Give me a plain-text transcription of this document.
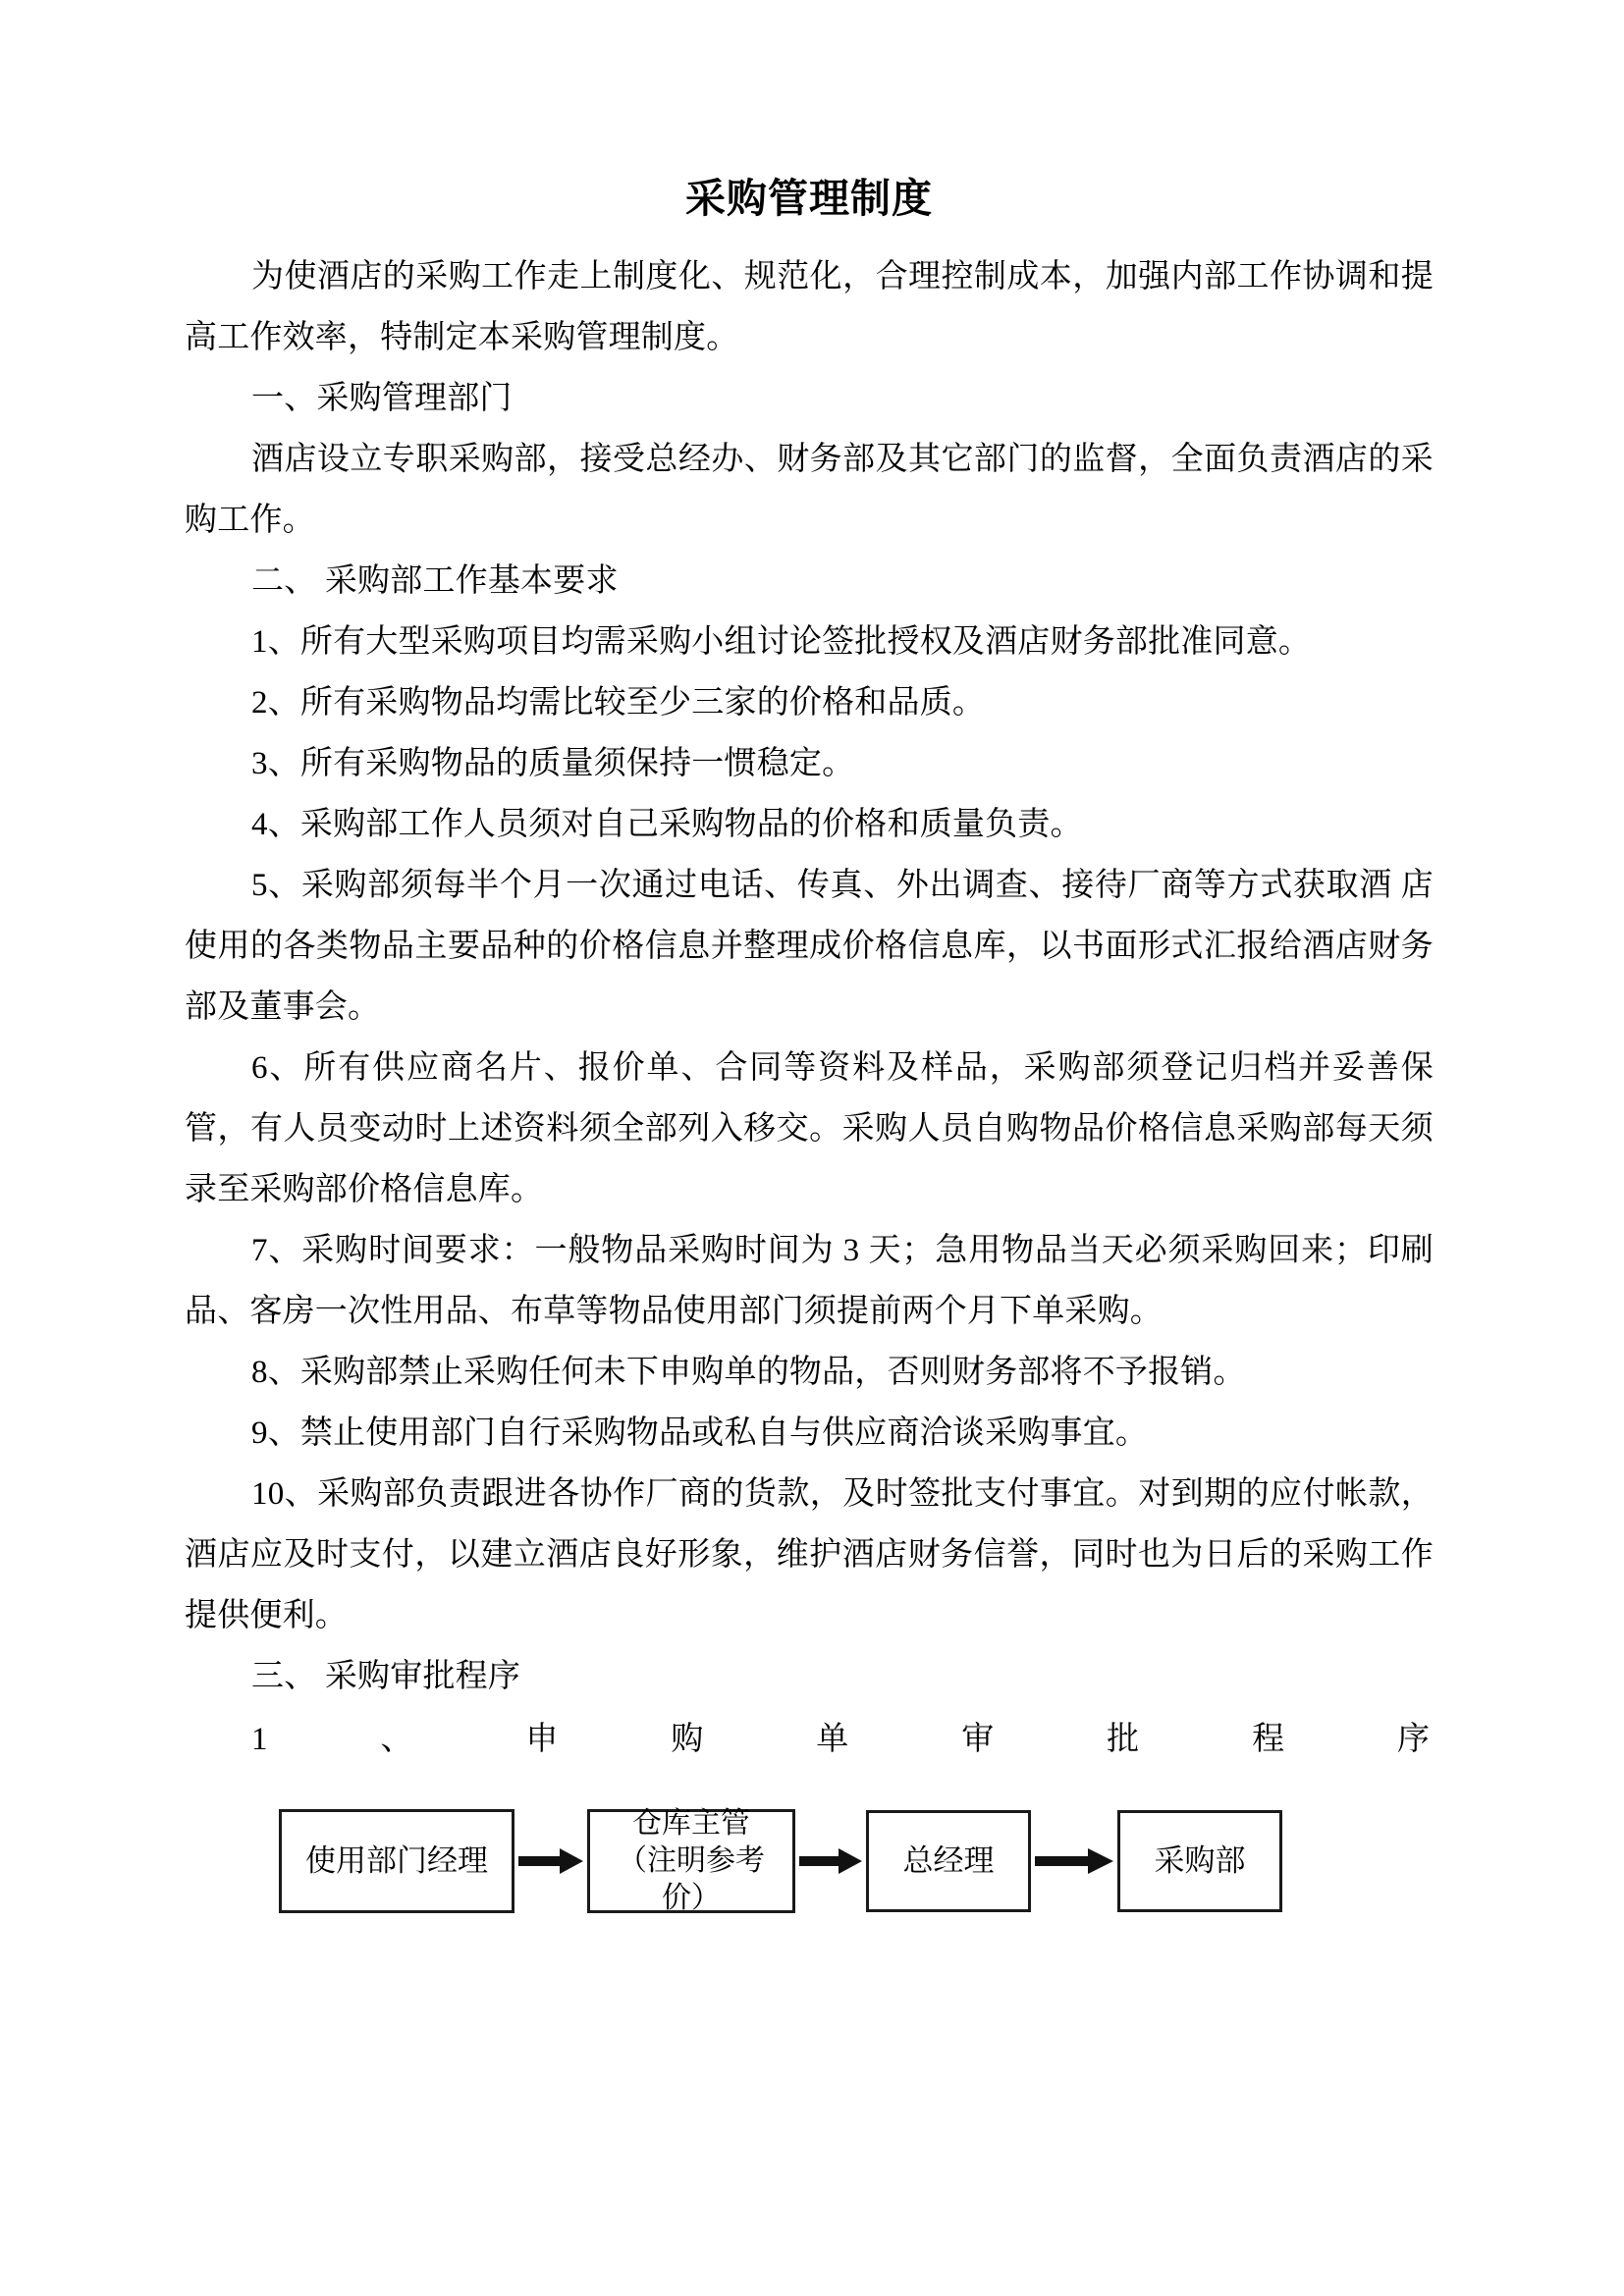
采购管理制度

为使酒店的采购工作走上制度化、规范化，合理控制成本，加强内部工作协调和提高工作效率，特制定本采购管理制度。

一、采购管理部门

酒店设立专职采购部，接受总经办、财务部及其它部门的监督，全面负责酒店的采购工作。

二、 采购部工作基本要求

1、所有大型采购项目均需采购小组讨论签批授权及酒店财务部批准同意。

2、所有采购物品均需比较至少三家的价格和品质。

3、所有采购物品的质量须保持一惯稳定。

4、采购部工作人员须对自己采购物品的价格和质量负责。

5、采购部须每半个月一次通过电话、传真、外出调查、接待厂商等方式获取酒 店使用的各类物品主要品种的价格信息并整理成价格信息库，以书面形式汇报给酒店财务部及董事会。

6、所有供应商名片、报价单、合同等资料及样品，采购部须登记归档并妥善保管，有人员变动时上述资料须全部列入移交。采购人员自购物品价格信息采购部每天须录至采购部价格信息库。

7、采购时间要求：一般物品采购时间为 3 天；急用物品当天必须采购回来；印刷品、客房一次性用品、布草等物品使用部门须提前两个月下单采购。

8、采购部禁止采购任何未下申购单的物品，否则财务部将不予报销。

9、禁止使用部门自行采购物品或私自与供应商洽谈采购事宜。

10、采购部负责跟进各协作厂商的货款，及时签批支付事宜。对到期的应付帐款，酒店应及时支付，以建立酒店良好形象，维护酒店财务信誉，同时也为日后的采购工作提供便利。

三、 采购审批程序

1	、	申	购	单	审	批	程	序
使用部门经理
仓库主管
（注明参考价）
总经理	采购部
